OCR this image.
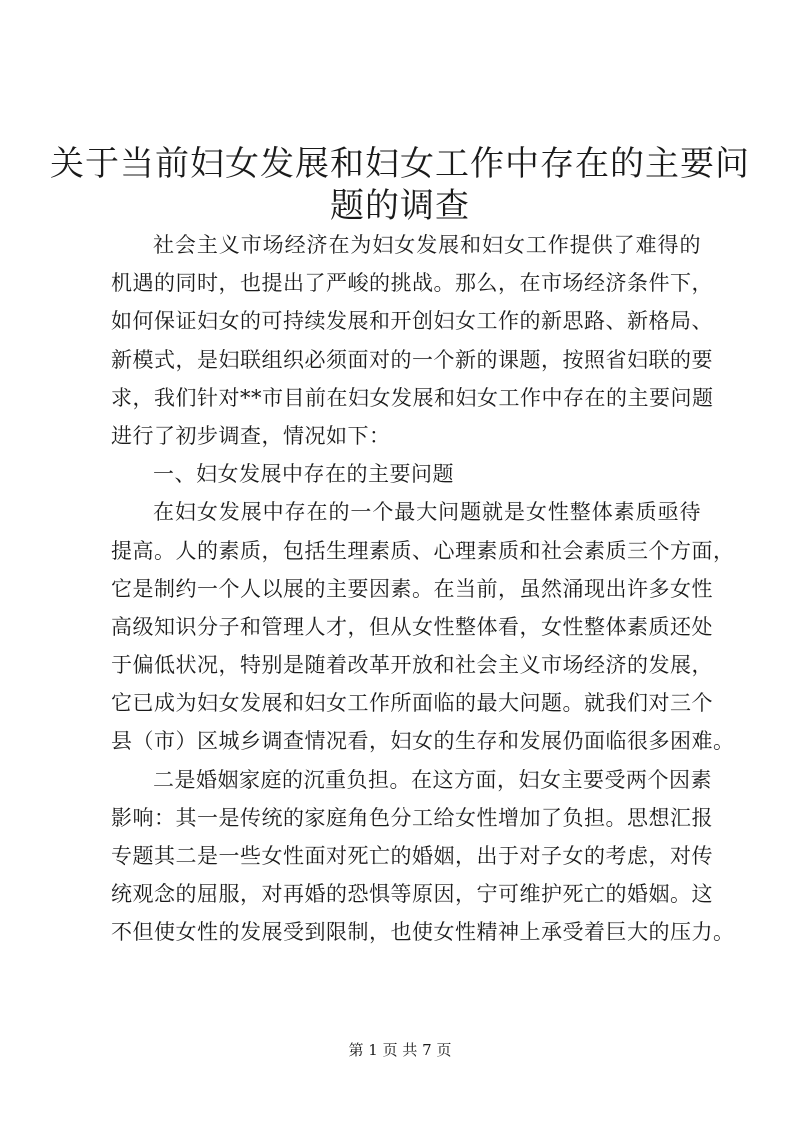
关于当前妇女发展和妇女工作中存在的主要问
题的调查
社会主义市场经济在为妇女发展和妇女工作提供了难得的
机遇的同时，也提出了严峻的挑战。那么，在市场经济条件下，
如何保证妇女的可持续发展和开创妇女工作的新思路、新格局、
新模式，是妇联组织必须面对的一个新的课题，按照省妇联的要
求，我们针对**市目前在妇女发展和妇女工作中存在的主要问题
进行了初步调查，情况如下：
一、妇女发展中存在的主要问题
在妇女发展中存在的一个最大问题就是女性整体素质亟待
提高。人的素质，包括生理素质、心理素质和社会素质三个方面，
它是制约一个人以展的主要因素。在当前，虽然涌现出许多女性
高级知识分子和管理人才，但从女性整体看，女性整体素质还处
于偏低状况，特别是随着改革开放和社会主义市场经济的发展，
它已成为妇女发展和妇女工作所面临的最大问题。就我们对三个
县（市）区城乡调查情况看，妇女的生存和发展仍面临很多困难。
二是婚姻家庭的沉重负担。在这方面，妇女主要受两个因素
影响：其一是传统的家庭角色分工给女性增加了负担。思想汇报
专题其二是一些女性面对死亡的婚姻，出于对子女的考虑，对传
统观念的屈服，对再婚的恐惧等原因，宁可维护死亡的婚姻。这
不但使女性的发展受到限制，也使女性精神上承受着巨大的压力。
第 1 页 共 7 页
